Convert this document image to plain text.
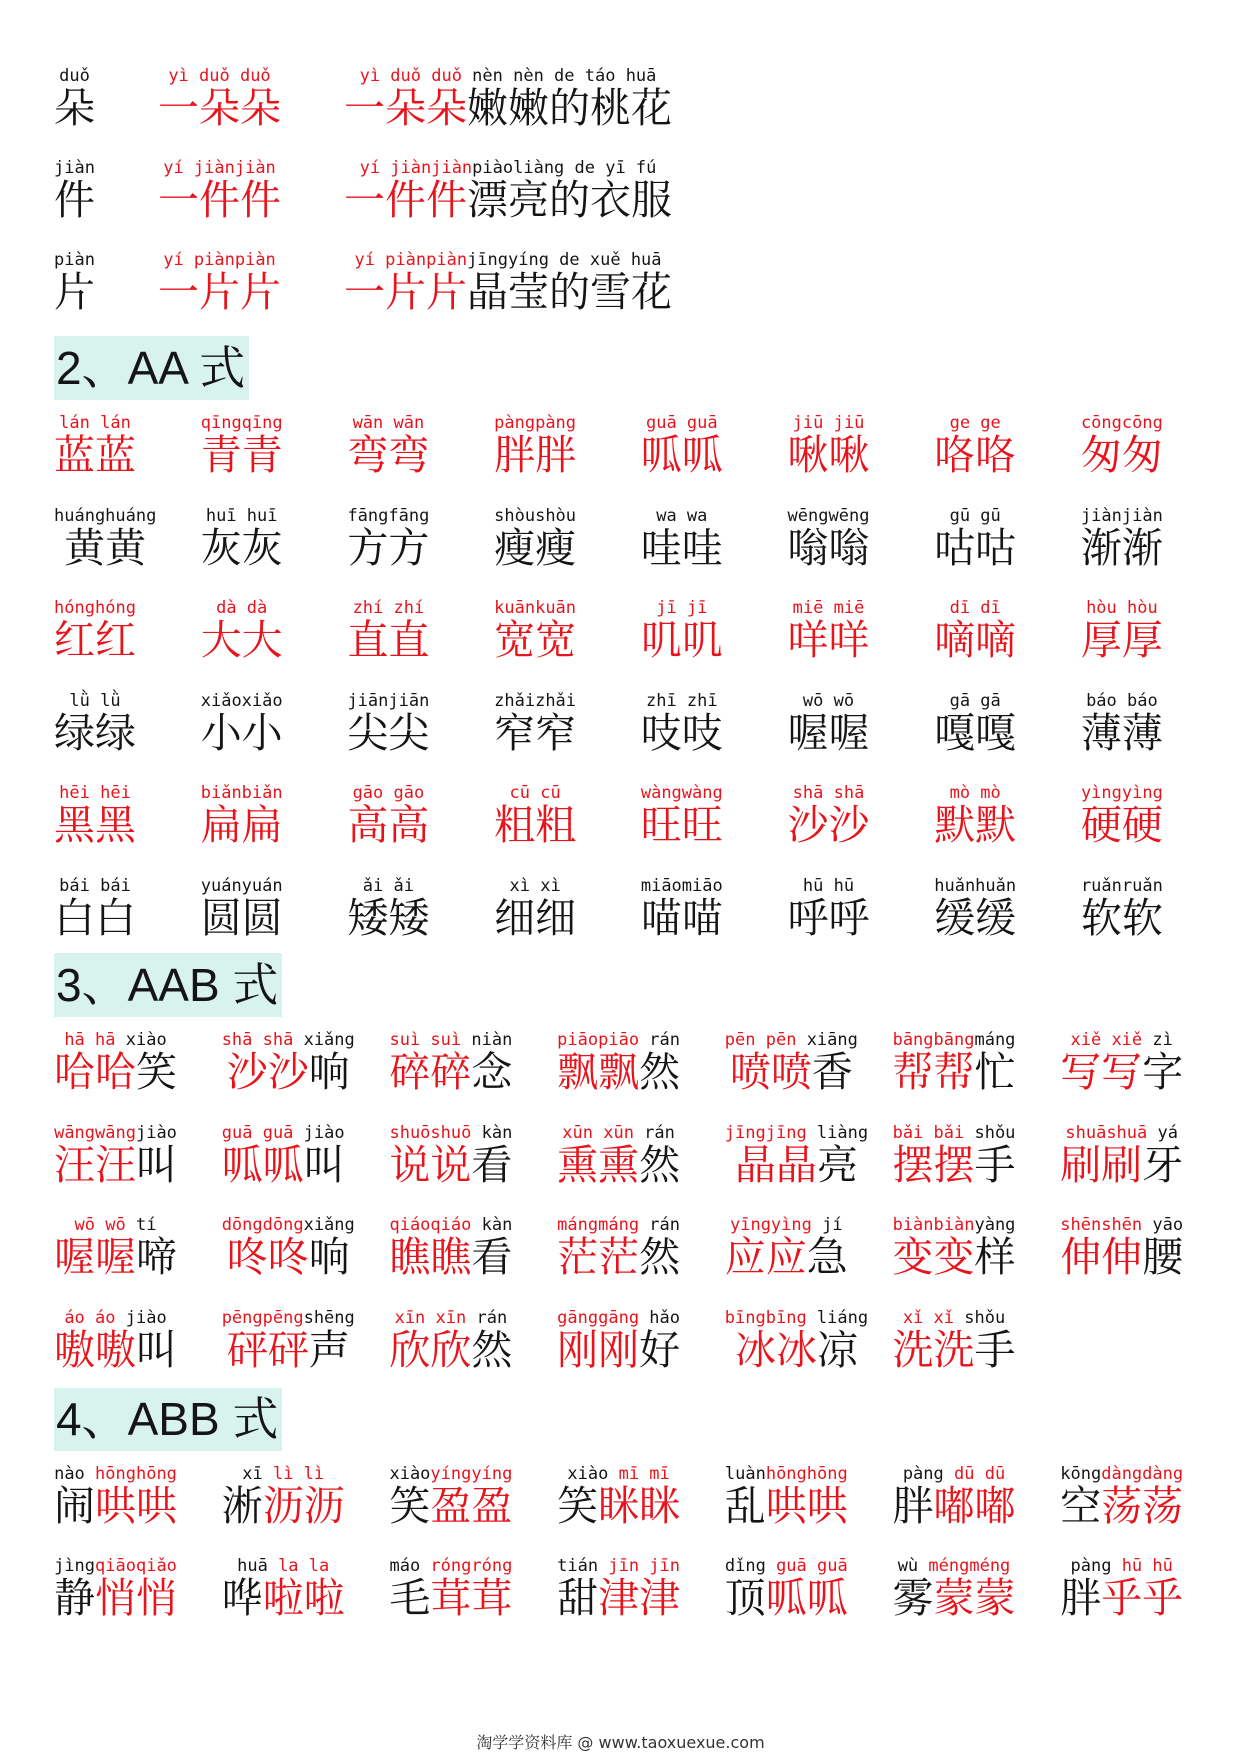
duǒ
朵
yì duǒ duǒ
一朵朵
yì duǒ duǒ nèn nèn de táo huā
一朵朵嫩嫩的桃花
jiàn
件
yí jiànjiàn
一件件
yí jiànjiànpiàoliàng de yī fú
一件件漂亮的衣服
piàn
片
yí piànpiàn
一片片
yí piànpiànjīngyíng de xuě huā
一片片晶莹的雪花
2、AA 式
lán lán
蓝蓝
qīngqīng
青青
wān wān
弯弯
pàngpàng
胖胖
guā guā
呱呱
jiū jiū
啾啾
ge ge
咯咯
cōngcōng
匆匆
huánghuáng
黄黄
huī huī
灰灰
fāngfāng
方方
shòushòu
瘦瘦
wa wa
哇哇
wēngwēng
嗡嗡
gū gū
咕咕
jiànjiàn
渐渐
hónghóng
红红
dà dà
大大
zhí zhí
直直
kuānkuān
宽宽
jī jī
叽叽
miē miē
咩咩
dī dī
嘀嘀
hòu hòu
厚厚
lǜ lǜ
绿绿
xiǎoxiǎo
小小
jiānjiān
尖尖
zhǎizhǎi
窄窄
zhī zhī
吱吱
wō wō
喔喔
gā gā
嘎嘎
báo báo
薄薄
hēi hēi
黑黑
biǎnbiǎn
扁扁
gāo gāo
高高
cū cū
粗粗
wàngwàng
旺旺
shā shā
沙沙
mò mò
默默
yìngyìng
硬硬
bái bái
白白
yuányuán
圆圆
ǎi ǎi
矮矮
xì xì
细细
miāomiāo
喵喵
hū hū
呼呼
huǎnhuǎn
缓缓
ruǎnruǎn
软软
3、AAB 式
hā hā xiào
哈哈笑
shā shā xiǎng
沙沙响
suì suì niàn
碎碎念
piāopiāo rán
飘飘然
pēn pēn xiāng
喷喷香
bāngbāngmáng
帮帮忙
xiě xiě zì
写写字
wāngwāngjiào
汪汪叫
guā guā jiào
呱呱叫
shuōshuō kàn
说说看
xūn xūn rán
熏熏然
jīngjīng liàng
晶晶亮
bǎi bǎi shǒu
摆摆手
shuāshuā yá
刷刷牙
wō wō tí
喔喔啼
dōngdōngxiǎng
咚咚响
qiáoqiáo kàn
瞧瞧看
mángmáng rán
茫茫然
yīngyìng jí
应应急
biànbiànyàng
变变样
shēnshēn yāo
伸伸腰
áo áo jiào
嗷嗷叫
pēngpēngshēng
砰砰声
xīn xīn rán
欣欣然
gānggāng hǎo
刚刚好
bīngbīng liáng
冰冰凉
xǐ xǐ shǒu
洗洗手
4、ABB 式
nào hōnghōng
闹哄哄
xī lì lì
淅沥沥
xiàoyíngyíng
笑盈盈
xiào mī mī
笑眯眯
luànhōnghōng
乱哄哄
pàng dū dū
胖嘟嘟
kōngdàngdàng
空荡荡
jìngqiāoqiǎo
静悄悄
huā la la
哗啦啦
máo róngróng
毛茸茸
tián jīn jīn
甜津津
dǐng guā guā
顶呱呱
wù méngméng
雾蒙蒙
pàng hū hū
胖乎乎
淘学学资料库 @ www.taoxuexue.com
